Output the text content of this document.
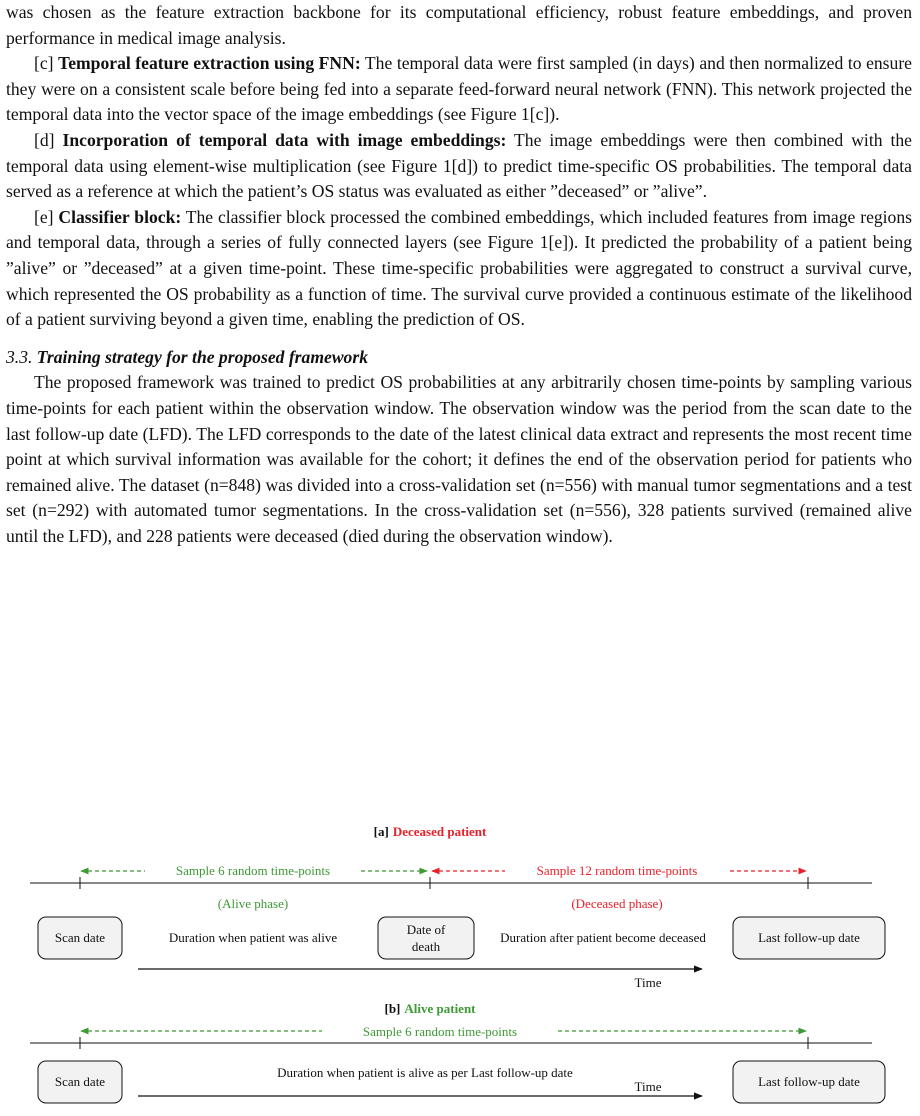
was chosen as the feature extraction backbone for its computational efficiency, robust feature embeddings, and proven performance in medical image analysis.

[c] Temporal feature extraction using FNN: The temporal data were first sampled (in days) and then normalized to ensure they were on a consistent scale before being fed into a separate feed-forward neural network (FNN). This network projected the temporal data into the vector space of the image embeddings (see Figure 1[c]).

[d] Incorporation of temporal data with image embeddings: The image embeddings were then combined with the temporal data using element-wise multiplication (see Figure 1[d]) to predict time-specific OS probabilities. The temporal data served as a reference at which the patient’s OS status was evaluated as either ”deceased” or ”alive”.

[e] Classifier block: The classifier block processed the combined embeddings, which included features from image regions and temporal data, through a series of fully connected layers (see Figure 1[e]). It predicted the probability of a patient being ”alive” or ”deceased” at a given time-point. These time-specific probabilities were aggregated to construct a survival curve, which represented the OS probability as a function of time. The survival curve provided a continuous estimate of the likelihood of a patient surviving beyond a given time, enabling the prediction of OS.

3.3. Training strategy for the proposed framework

The proposed framework was trained to predict OS probabilities at any arbitrarily chosen time-points by sampling various time-points for each patient within the observation window. The observation window was the period from the scan date to the last follow-up date (LFD). The LFD corresponds to the date of the latest clinical data extract and represents the most recent time point at which survival information was available for the cohort; it defines the end of the observation period for patients who remained alive. The dataset (n=848) was divided into a cross-validation set (n=556) with manual tumor segmentations and a test set (n=292) with automated tumor segmentations. In the cross-validation set (n=556), 328 patients survived (remained alive until the LFD), and 228 patients were deceased (died during the observation window).

[a] Deceased patient
Sample 6 random time-points	Sample 12 random time-points
(Alive phase)	(Deceased phase)
Scan date	Duration when patient was alive
Date of
death
Duration after patient become deceased	Last follow-up date
Time
[b] Alive patient
Sample 6 random time-points
Scan date
Duration when patient is alive as per Last follow-up date
Last follow-up date
Time
